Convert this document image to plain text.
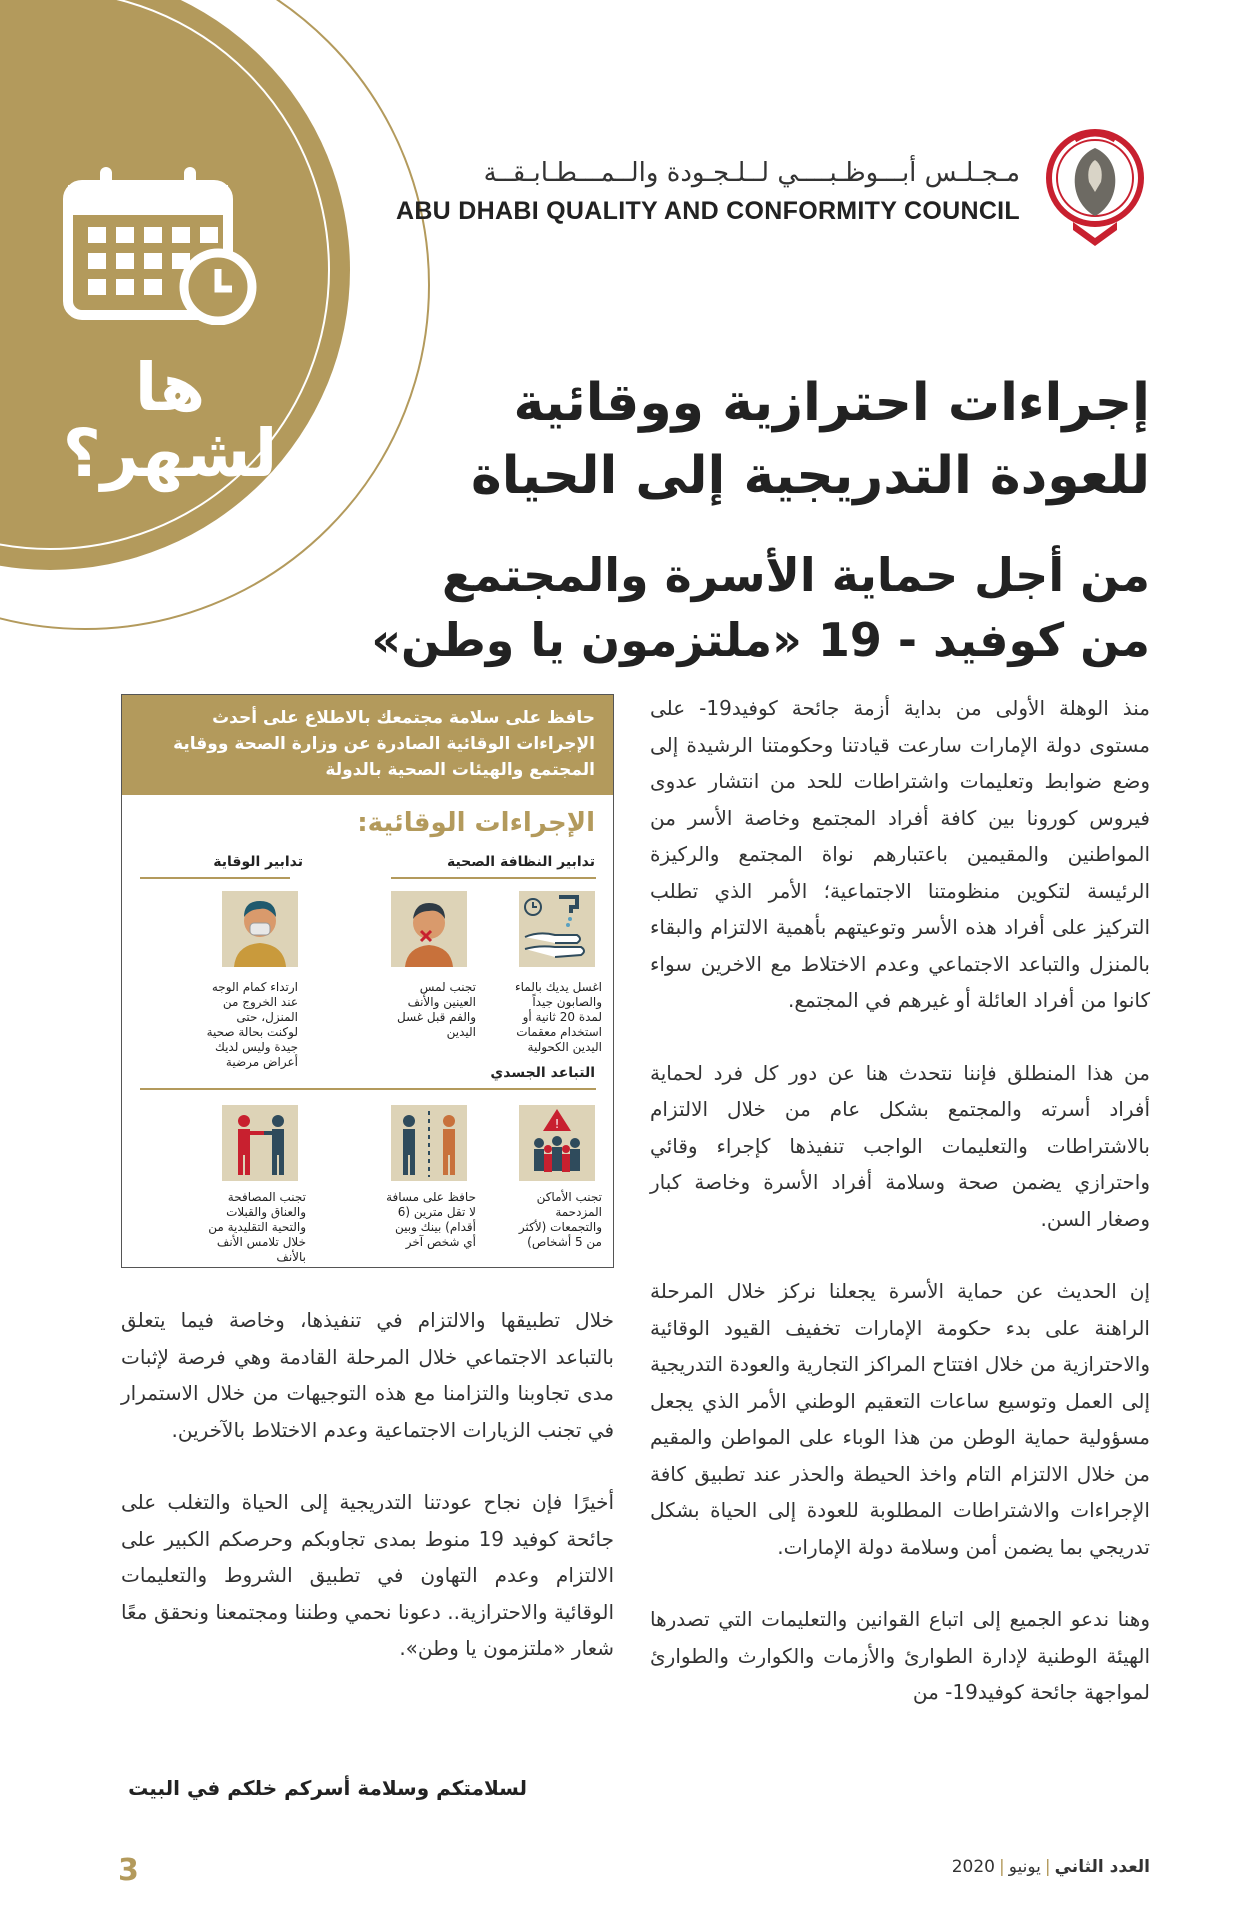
ها لشهر؟
مـجـلـس أبـــوظـبــــي لــلـجـودة والــمـــطـابـقــة
ABU DHABI QUALITY AND CONFORMITY COUNCIL
إجراءات احترازية ووقائية
للعودة التدريجية إلى الحياة
من أجل حماية الأسرة والمجتمع
من كوفيد - 19 «ملتزمون يا وطن»

منذ الوهلة الأولى من بداية أزمة جائحة كوفيد19- على مستوى دولة الإمارات سارعت قيادتنا وحكومتنا الرشيدة إلى وضع ضوابط وتعليمات واشتراطات للحد من انتشار عدوى فيروس كورونا بين كافة أفراد المجتمع وخاصة الأسر من المواطنين والمقيمين باعتبارهم نواة المجتمع والركيزة الرئيسة لتكوين منظومتنا الاجتماعية؛ الأمر الذي تطلب التركيز على أفراد هذه الأسر وتوعيتهم بأهمية الالتزام والبقاء بالمنزل والتباعد الاجتماعي وعدم الاختلاط مع الاخرين سواء كانوا من أفراد العائلة أو غيرهم في المجتمع.

من هذا المنطلق فإننا نتحدث هنا عن دور كل فرد لحماية أفراد أسرته والمجتمع بشكل عام من خلال الالتزام بالاشتراطات والتعليمات الواجب تنفيذها كإجراء وقائي واحترازي يضمن صحة وسلامة أفراد الأسرة وخاصة كبار وصغار السن.

إن الحديث عن حماية الأسرة يجعلنا نركز خلال المرحلة الراهنة على بدء حكومة الإمارات تخفيف القيود الوقائية والاحترازية من خلال افتتاح المراكز التجارية والعودة التدريجية إلى العمل وتوسيع ساعات التعقيم الوطني الأمر الذي يجعل مسؤولية حماية الوطن من هذا الوباء على المواطن والمقيم من خلال الالتزام التام واخذ الحيطة والحذر عند تطبيق كافة الإجراءات والاشتراطات المطلوبة للعودة إلى الحياة بشكل تدريجي بما يضمن أمن وسلامة دولة الإمارات.

وهنا ندعو الجميع إلى اتباع القوانين والتعليمات التي تصدرها الهيئة الوطنية لإدارة الطوارئ والأزمات والكوارث والطوارئ لمواجهة جائحة كوفيد19- من

حافظ على سلامة مجتمعك بالاطلاع على أحدث الإجراءات الوقائية الصادرة عن وزارة الصحة ووقاية المجتمع والهيئات الصحية بالدولة
الإجراءات الوقائية:
تدابير النظافة الصحية
تدابير الوقاية
اغسل يديك بالماء والصابون جيداً لمدة 20 ثانية أو استخدام معقمات اليدين الكحولية
تجنب لمس العينين والأنف والفم قبل غسل اليدين
ارتداء كمام الوجه عند الخروج من المنزل، حتى لوكنت بحالة صحية جيدة وليس لديك أعراض مرضية
التباعد الجسدي
!
تجنب الأماكن المزدحمة والتجمعات (لأكثر من 5 أشخاص)
حافظ على مسافة لا تقل مترين (6 أقدام) بينك وبين أي شخص آخر
تجنب المصافحة والعناق والقبلات والتحية التقليدية من خلال تلامس الأنف بالأنف

خلال تطبيقها والالتزام في تنفيذها، وخاصة فيما يتعلق بالتباعد الاجتماعي خلال المرحلة القادمة وهي فرصة لإثبات مدى تجاوبنا والتزامنا مع هذه التوجيهات من خلال الاستمرار في تجنب الزيارات الاجتماعية وعدم الاختلاط بالآخرين.

أخيرًا فإن نجاح عودتنا التدريجية إلى الحياة والتغلب على جائحة كوفيد 19 منوط بمدى تجاوبكم وحرصكم الكبير على الالتزام وعدم التهاون في تطبيق الشروط والتعليمات الوقائية والاحترازية.. دعونا نحمي وطننا ومجتمعنا ونحقق معًا شعار «ملتزمون يا وطن».

لسلامتكم وسلامة أسركم خلكم في البيت
3	العدد الثاني|يونيو|2020
